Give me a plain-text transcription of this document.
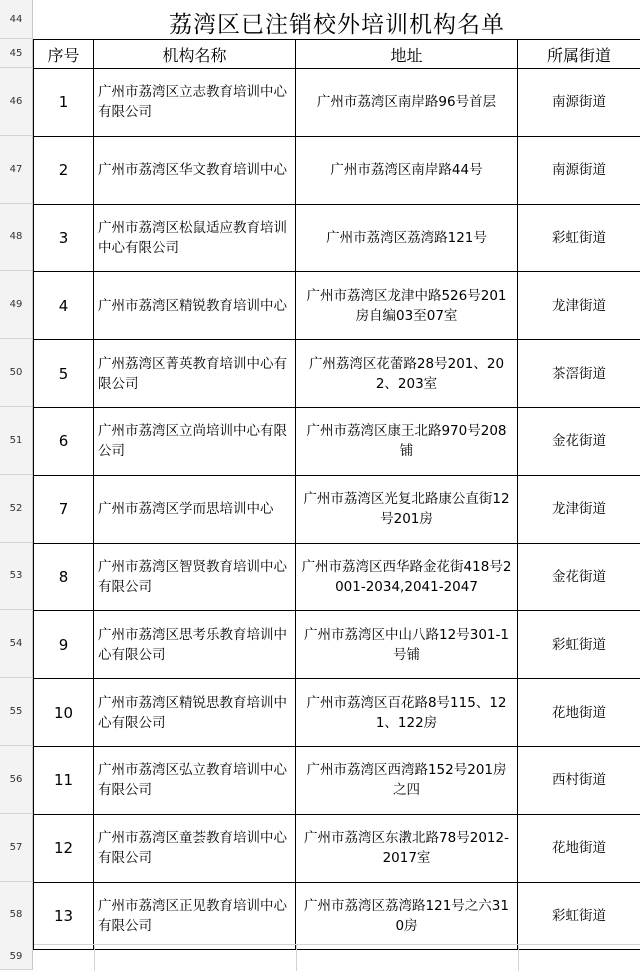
44
45
46
47
48
49
50
51
52
53
54
55
56
57
58
59
荔湾区已注销校外培训机构名单
序号	机构名称	地址	所属街道
1	广州市荔湾区立志教育培训中心有限公司	广州市荔湾区南岸路96号首层	南源街道
2	广州市荔湾区华文教育培训中心	广州市荔湾区南岸路44号	南源街道
3	广州市荔湾区松鼠适应教育培训中心有限公司	广州市荔湾区荔湾路121号	彩虹街道
4	广州市荔湾区精锐教育培训中心	广州市荔湾区龙津中路526号201房自编03至07室	龙津街道
5	广州荔湾区菁英教育培训中心有限公司	广州荔湾区花蕾路28号201、202、203室	茶滘街道
6	广州市荔湾区立尚培训中心有限公司	广州市荔湾区康王北路970号208铺	金花街道
7	广州市荔湾区学而思培训中心	广州市荔湾区光复北路康公直街12号201房	龙津街道
8	广州市荔湾区智贤教育培训中心有限公司	广州市荔湾区西华路金花街418号2001-2034,2041-2047	金花街道
9	广州市荔湾区思考乐教育培训中心有限公司	广州市荔湾区中山八路12号301-1号铺	彩虹街道
10	广州市荔湾区精锐思教育培训中心有限公司	广州市荔湾区百花路8号115、121、122房	花地街道
11	广州市荔湾区弘立教育培训中心有限公司	广州市荔湾区西湾路152号201房之四	西村街道
12	广州市荔湾区童荟教育培训中心有限公司	广州市荔湾区东漖北路78号2012-2017室	花地街道
13	广州市荔湾区正见教育培训中心有限公司	广州市荔湾区荔湾路121号之六310房	彩虹街道
